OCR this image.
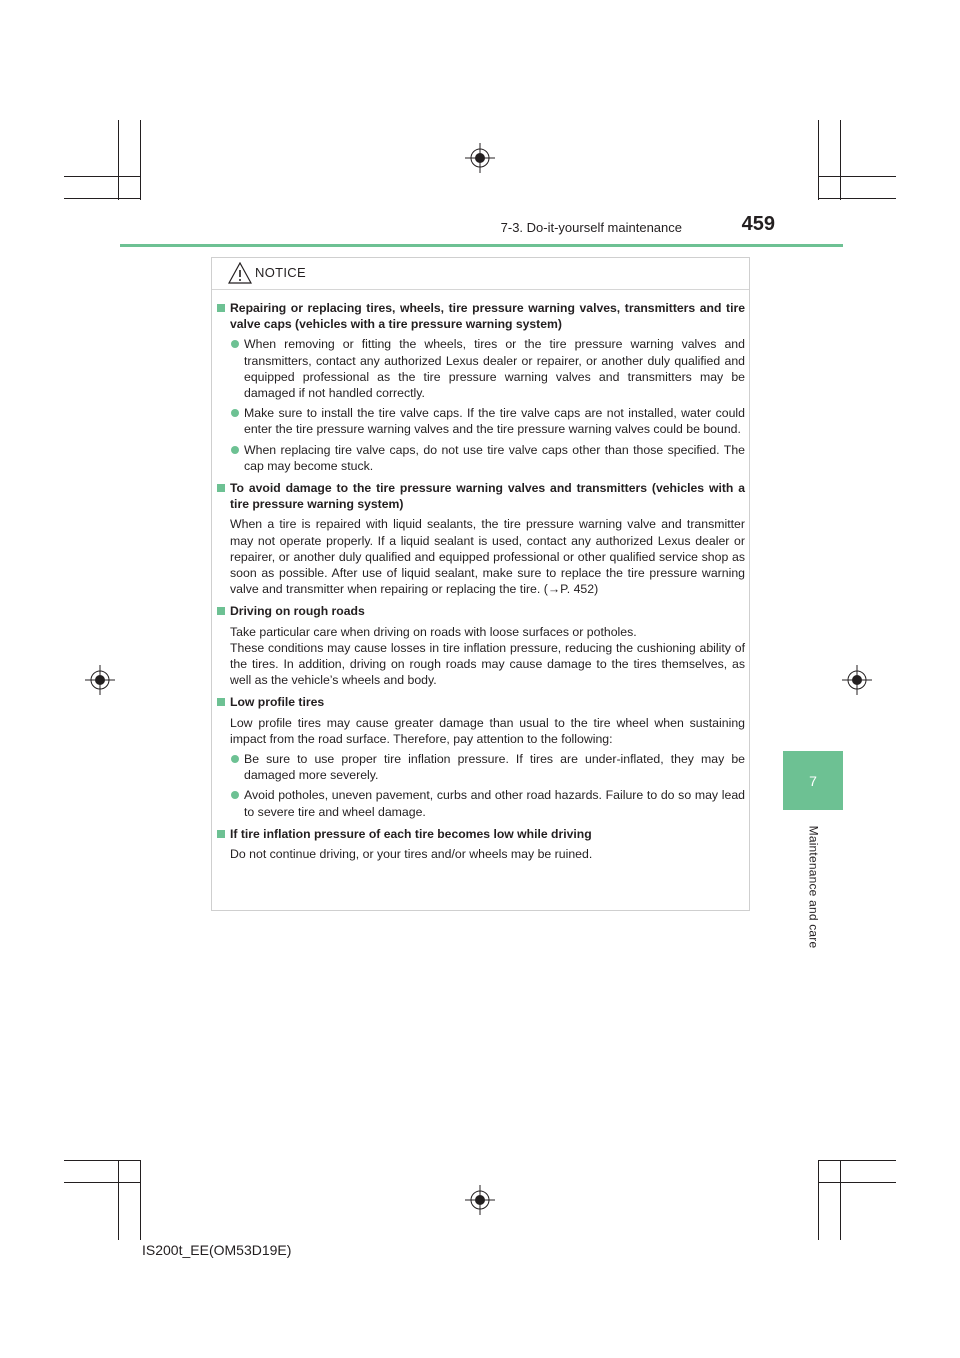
7-3. Do-it-yourself maintenance	459
7
Maintenance and care
NOTICE
Repairing or replacing tires, wheels, tire pressure warning valves, transmitters and tire valve caps (vehicles with a tire pressure warning system)
When removing or fitting the wheels, tires or the tire pressure warning valves and transmitters, contact any authorized Lexus dealer or repairer, or another duly qualified and equipped professional as the tire pressure warning valves and transmitters may be damaged if not handled correctly.
Make sure to install the tire valve caps. If the tire valve caps are not installed, water could enter the tire pressure warning valves and the tire pressure warning valves could be bound.
When replacing tire valve caps, do not use tire valve caps other than those specified. The cap may become stuck.
To avoid damage to the tire pressure warning valves and transmitters (vehicles with a tire pressure warning system)
When a tire is repaired with liquid sealants, the tire pressure warning valve and transmitter may not operate properly. If a liquid sealant is used, contact any authorized Lexus dealer or repairer, or another duly qualified and equipped professional or other qualified service shop as soon as possible. After use of liquid sealant, make sure to replace the tire pressure warning valve and transmitter when repairing or replacing the tire. (→P. 452)
Driving on rough roads
Take particular care when driving on roads with loose surfaces or potholes.
These conditions may cause losses in tire inflation pressure, reducing the cushioning ability of the tires. In addition, driving on rough roads may cause damage to the tires themselves, as well as the vehicle’s wheels and body.
Low profile tires
Low profile tires may cause greater damage than usual to the tire wheel when sustaining impact from the road surface. Therefore, pay attention to the following:
Be sure to use proper tire inflation pressure. If tires are under-inflated, they may be damaged more severely.
Avoid potholes, uneven pavement, curbs and other road hazards. Failure to do so may lead to severe tire and wheel damage.
If tire inflation pressure of each tire becomes low while driving
Do not continue driving, or your tires and/or wheels may be ruined.
IS200t_EE(OM53D19E)
